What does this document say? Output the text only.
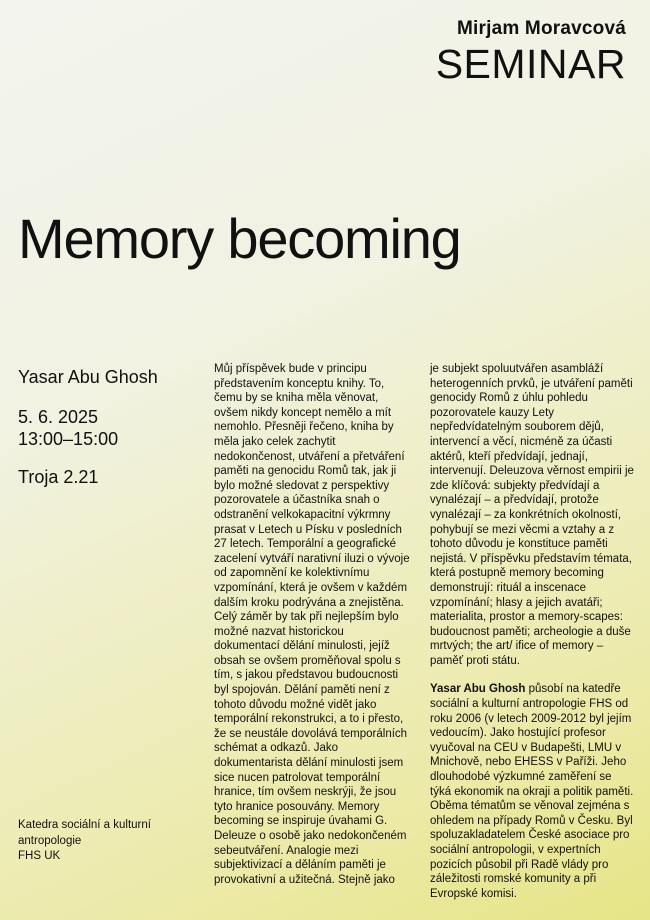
Mirjam Moravcová
SEMINAR
Memory becoming
Yasar Abu Ghosh
5. 6. 2025
13:00–15:00
Troja 2.21
Katedra sociální a kulturní
antropologie
FHS UK

Můj příspěvek bude v principu představením konceptu knihy. To, čemu by se kniha měla věnovat, ovšem nikdy koncept nemělo a mít nemohlo. Přesněji řečeno, kniha by měla jako celek zachytit nedokončenost, utváření a přetváření paměti na genocidu Romů tak, jak ji bylo možné sledovat z perspektivy pozorovatele a účastníka snah o odstranění velkokapacitní výkrmny prasat v Letech u Písku v posledních 27 letech. Temporální a geografické zacelení vytváří narativní iluzi o vývoje od zapomnění ke kolektivnímu vzpomínání, která je ovšem v každém dalším kroku podrývána a znejistěna. Celý záměr by tak při nejlepším bylo možné nazvat historickou dokumentací dělání minulosti, jejíž obsah se ovšem proměňoval spolu s tím, s jakou představou budoucnosti byl spojován. Dělání paměti není z tohoto důvodu možné vidět jako temporální rekonstrukci, a to i přesto, že se neustále dovolává temporálních schémat a odkazů. Jako dokumentarista dělání minulosti jsem sice nucen patrolovat temporální hranice, tím ovšem neskrýji, že jsou tyto hranice posouvány. Memory becoming se inspiruje úvahami G. Deleuze o osobě jako nedokončeném sebeutváření. Analogie mezi subjektivizací a děláním paměti je provokativní a užitečná. Stejně jako

je subjekt spoluutvářen asambláží heterogenních prvků, je utváření paměti genocidy Romů z úhlu pohledu pozorovatele kauzy Lety nepředvídatelným souborem dějů, intervencí a věcí, nicméně za účasti aktérů, kteří předvídají, jednají, intervenují. Deleuzova věrnost empirii je zde klíčová: subjekty předvídají a vynalézají – a předvídají, protože vynalézají – za konkrétních okolností, pohybují se mezi věcmi a vztahy a z tohoto důvodu je konstituce paměti nejistá. V příspěvku představím témata, která postupně memory becoming demonstrují: rituál a inscenace vzpomínání; hlasy a jejich avatáři; materialita, prostor a memory-scapes: budoucnost paměti; archeologie a duše mrtvých; the art/ ifice of memory – paměť proti státu.

Yasar Abu Ghosh působí na katedře sociální a kulturní antropologie FHS od roku 2006 (v letech 2009-2012 byl jejím vedoucím). Jako hostující profesor vyučoval na CEU v Budapešti, LMU v Mnichově, nebo EHESS v Paříži. Jeho dlouhodobé výzkumné zaměření se týká ekonomik na okraji a politik paměti. Oběma tématům se věnoval zejména s ohledem na případy Romů v Česku. Byl spoluzakladatelem České asociace pro sociální antropologii, v expertních pozicích působil při Radě vlády pro záležitosti romské komunity a při Evropské komisi.
